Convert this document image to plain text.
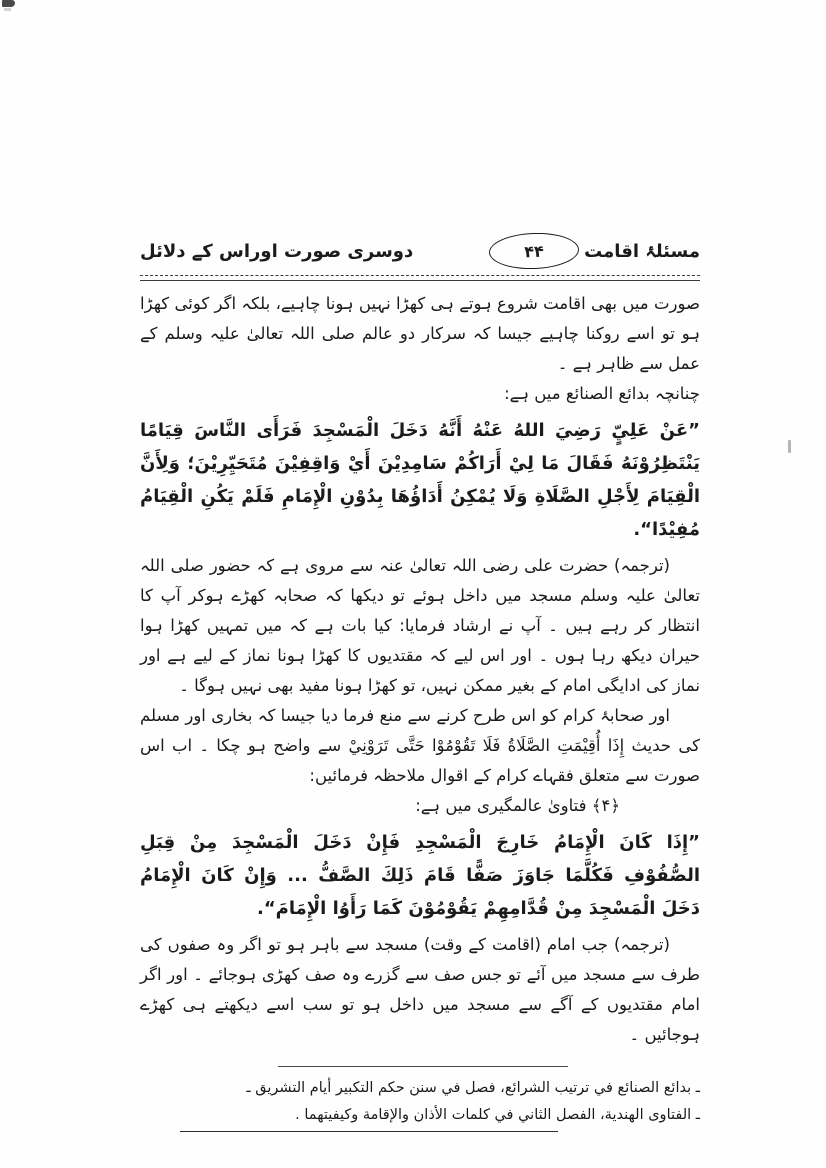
مسئلۂ اقامت
۴۴
دوسری صورت اوراس کے دلائل

صورت میں بھی اقامت شروع ہوتے ہی کھڑا نہیں ہونا چاہیے، بلکہ اگر کوئی کھڑا ہو تو اسے روکنا چاہیے جیسا کہ سرکار دو عالم صلی اللہ تعالیٰ علیہ وسلم کے عمل سے ظاہر ہے ۔

چنانچہ بدائع الصنائع میں ہے:

”عَنْ عَلِيٍّ رَضِيَ اللهُ عَنْهُ أَنَّهُ دَخَلَ الْمَسْجِدَ فَرَأَى النَّاسَ قِيَامًا يَنْتَظِرُوْنَهُ فَقَالَ مَا لِيْ أَرَاكُمْ سَامِدِيْنَ أَيْ وَاقِفِيْنَ مُتَحَيِّرِيْنَ؛ وَلِأَنَّ الْقِيَامَ لِأَجْلِ الصَّلَاةِ وَلَا يُمْكِنُ أَدَاؤُهَا بِدُوْنِ الْإِمَامِ فَلَمْ يَكُنِ الْقِيَامُ مُفِيْدًا“.

(ترجمہ) حضرت علی رضی اللہ تعالیٰ عنہ سے مروی ہے کہ حضور صلی اللہ تعالیٰ علیہ وسلم مسجد میں داخل ہوئے تو دیکھا کہ صحابہ کھڑے ہوکر آپ کا انتظار کر رہے ہیں ۔ آپ نے ارشاد فرمایا: کیا بات ہے کہ میں تمہیں کھڑا ہوا حیران دیکھ رہا ہوں ۔ اور اس لیے کہ مقتدیوں کا کھڑا ہونا نماز کے لیے ہے اور نماز کی ادایگی امام کے بغیر ممکن نہیں، تو کھڑا ہونا مفید بھی نہیں ہوگا ۔

اور صحابۂ کرام کو اس طرح کرنے سے منع فرما دیا جیسا کہ بخاری اور مسلم کی حدیث إِذَا أُقِيْمَتِ الصَّلَاةُ فَلَا تَقُوْمُوْا حَتَّى تَرَوْنِيْ سے واضح ہو چکا ۔ اب اس صورت سے متعلق فقہاے کرام کے اقوال ملاحظہ فرمائیں:

﴿۴﴾ فتاویٰ عالمگیری میں ہے:

”إِذَا كَانَ الْإِمَامُ خَارِجَ الْمَسْجِدِ فَإِنْ دَخَلَ الْمَسْجِدَ مِنْ قِبَلِ الصُّفُوْفِ فَكُلَّمَا جَاوَزَ صَفًّا قَامَ ذَلِكَ الصَّفُّ ... وَإِنْ كَانَ الْإِمَامُ دَخَلَ الْمَسْجِدَ مِنْ قُدَّامِهِمْ يَقُوْمُوْنَ كَمَا رَأَوُا الْإِمَامَ“.

(ترجمہ) جب امام (اقامت کے وقت) مسجد سے باہر ہو تو اگر وہ صفوں کی طرف سے مسجد میں آئے تو جس صف سے گزرے وہ صف کھڑی ہوجائے ۔ اور اگر امام مقتدیوں کے آگے سے مسجد میں داخل ہو تو سب اسے دیکھتے ہی کھڑے ہوجائیں ۔

ـ بدائع الصنائع في ترتيب الشرائع، فصل في سنن حكم التكبير أيام التشريق ـ

ـ الفتاوى الهندية، الفصل الثاني في كلمات الأذان والإقامة وكيفيتهما .
